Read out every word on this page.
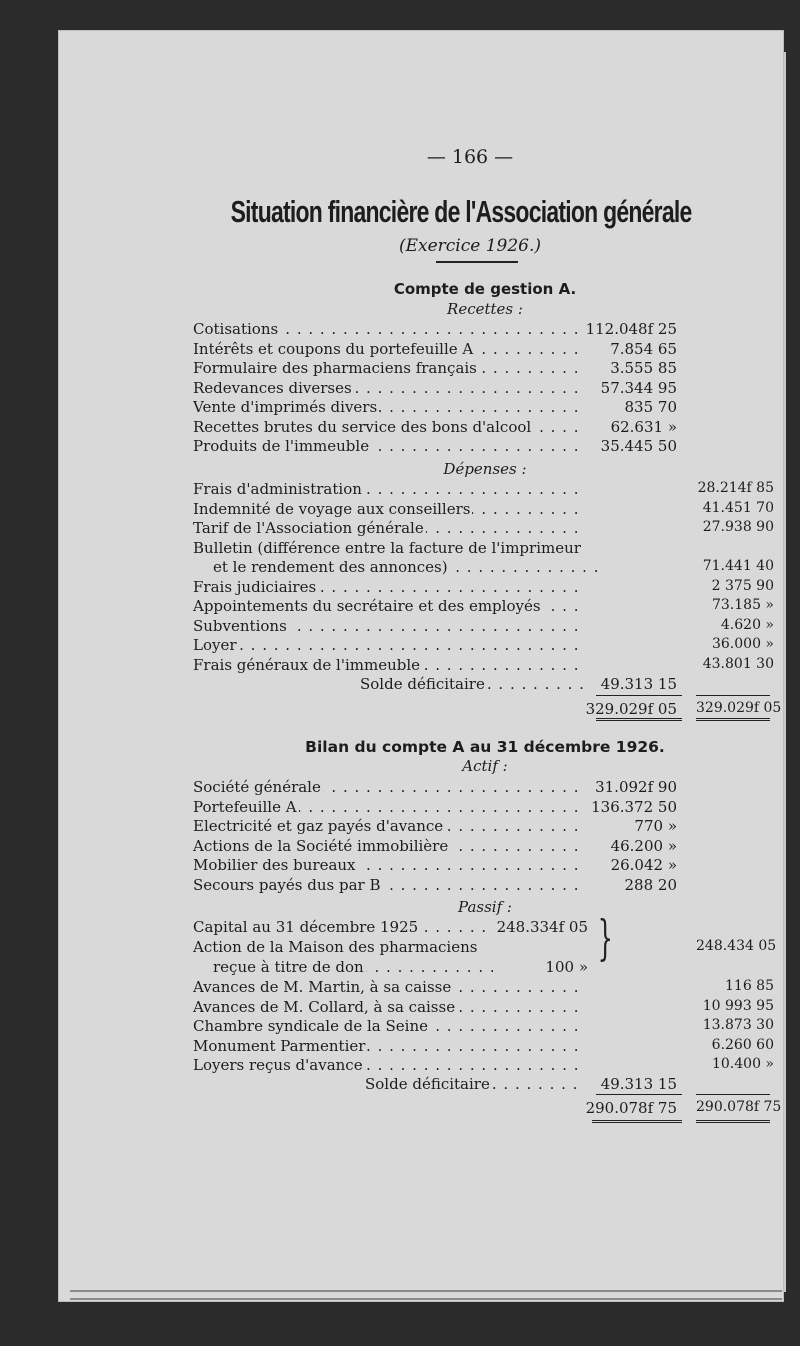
— 166 —
Situation financière de l'Association générale
(Exercice 1926.)
Compte de gestion A.
Recettes :
Cotisations . . .	112.048f 25
Intérêts et coupons du portefeuille A . . .	7.854 65
Formulaire des pharmaciens français . . .	3.555 85
Redevances diverses . . .	57.344 95
Vente d'imprimés divers . . .	835 70
Recettes brutes du service des bons d'alcool . . .	62.631 »
Produits de l'immeuble . . .	35.445 50
Dépenses :
Frais d'administration . . .	28.214f 85
Indemnité de voyage aux conseillers . . .	41.451 70
Tarif de l'Association générale . . .	27.938 90
Bulletin (différence entre la facture de l'imprimeur
et le rendement des annonces) . . .	71.441 40
Frais judiciaires . . .	2 375 90
Appointements du secrétaire et des employés . . .	73.185 »
Subventions . . .	4.620 »
Loyer . . .	36.000 »
Frais généraux de l'immeuble . . .	43.801 30
Solde déficitaire . . .	49.313 15
329.029f 05 329.029f 05
Bilan du compte A au 31 décembre 1926.
Actif :
Société générale . . .	31.092f 90
Portefeuille A . . .	136.372 50
Electricité et gaz payés d'avance . . .	770 »
Actions de la Société immobilière . . .	46.200 »
Mobilier des bureaux . . .	26.042 »
Secours payés dus par B . . .	288 20
Passif :
Capital au 31 décembre 1925 . . .	248.334f 05
Action de la Maison des pharmaciens
reçue à titre de don . . .	100 »
}	248.434 05
Avances de M. Martin, à sa caisse . . .	116 85
Avances de M. Collard, à sa caisse . . .	10 993 95
Chambre syndicale de la Seine . . .	13.873 30
Monument Parmentier . . .	6.260 60
Loyers reçus d'avance . . .	10.400 »
Solde déficitaire . . .	49.313 15
290.078f 75 290.078f 75
